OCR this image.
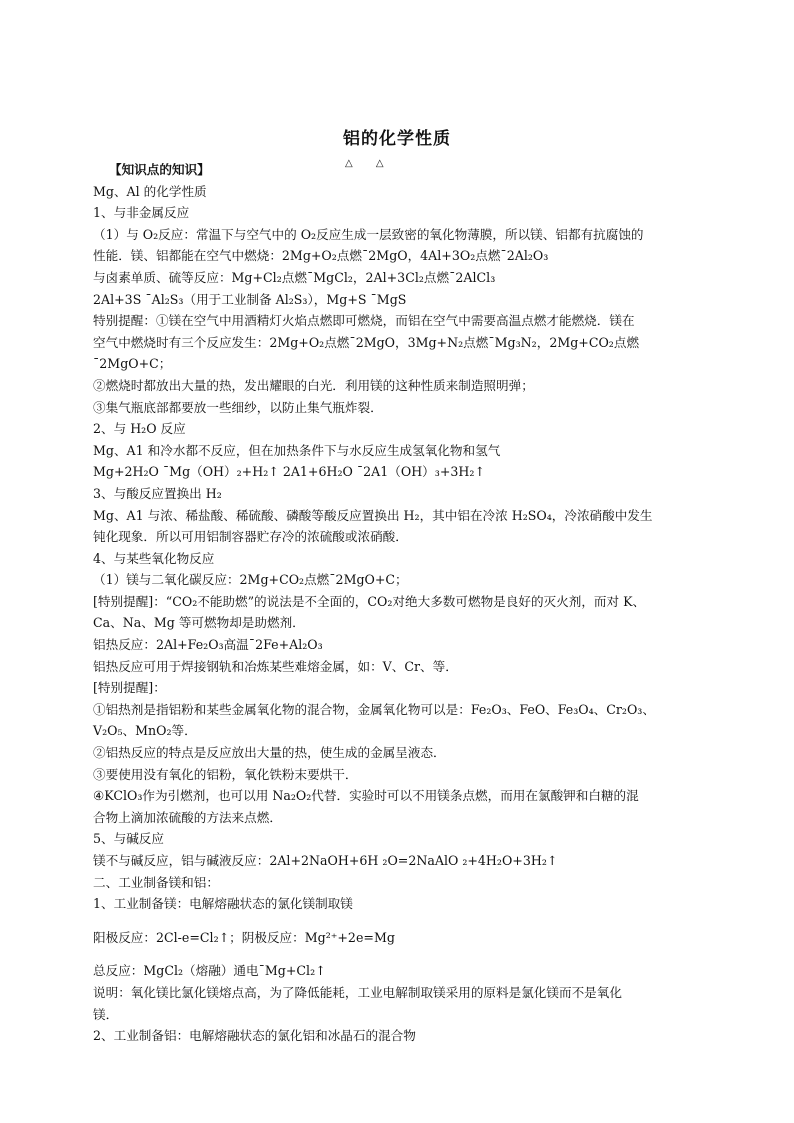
铝的化学性质
△ △
【知识点的知识】
Mg、Al 的化学性质
1、与非金属反应
（1）与 O₂反应：常温下与空气中的 O₂反应生成一层致密的氧化物薄膜，所以镁、铝都有抗腐蚀的
性能．镁、铝都能在空气中燃烧：2Mg+O₂点燃¯2MgO，4Al+3O₂点燃¯2Al₂O₃
与卤素单质、硫等反应：Mg+Cl₂点燃¯MgCl₂，2Al+3Cl₂点燃¯2AlCl₃
2Al+3S ¯Al₂S₃（用于工业制备 Al₂S₃），Mg+S ¯MgS
特别提醒：①镁在空气中用酒精灯火焰点燃即可燃烧，而铝在空气中需要高温点燃才能燃烧．镁在
空气中燃烧时有三个反应发生：2Mg+O₂点燃¯2MgO，3Mg+N₂点燃¯Mg₃N₂，2Mg+CO₂点燃
¯2MgO+C；
②燃烧时都放出大量的热，发出耀眼的白光．利用镁的这种性质来制造照明弹；
③集气瓶底部都要放一些细纱，以防止集气瓶炸裂．
2、与 H₂O 反应
Mg、A1 和冷水都不反应，但在加热条件下与水反应生成氢氧化物和氢气
Mg+2H₂O ¯Mg（OH）₂+H₂↑ 2A1+6H₂O ¯2A1（OH）₃+3H₂↑
3、与酸反应置换出 H₂
Mg、A1 与浓、稀盐酸、稀硫酸、磷酸等酸反应置换出 H₂，其中铝在冷浓 H₂SO₄，冷浓硝酸中发生
钝化现象．所以可用铝制容器贮存冷的浓硫酸或浓硝酸．
4、与某些氧化物反应
（1）镁与二氧化碳反应：2Mg+CO₂点燃¯2MgO+C；
[特别提醒]：“CO₂不能助燃”的说法是不全面的，CO₂对绝大多数可燃物是良好的灭火剂，而对 K、
Ca、Na、Mg 等可燃物却是助燃剂．
铝热反应：2Al+Fe₂O₃高温¯2Fe+Al₂O₃
铝热反应可用于焊接钢轨和冶炼某些难熔金属，如：V、Cr、等．
[特别提醒]：
①铝热剂是指铝粉和某些金属氧化物的混合物，金属氧化物可以是：Fe₂O₃、FeO、Fe₃O₄、Cr₂O₃、
V₂O₅、MnO₂等．
②铝热反应的特点是反应放出大量的热，使生成的金属呈液态．
③要使用没有氧化的铝粉，氧化铁粉末要烘干．
④KClO₃作为引燃剂，也可以用 Na₂O₂代替．实验时可以不用镁条点燃，而用在氯酸钾和白糖的混
合物上滴加浓硫酸的方法来点燃．
5、与碱反应
镁不与碱反应，铝与碱液反应：2Al+2NaOH+6H ₂O=2NaAlO ₂+4H₂O+3H₂↑
二、工业制备镁和铝：
1、工业制备镁：电解熔融状态的氯化镁制取镁
阳极反应：2Cl-e=Cl₂↑；阴极反应：Mg²⁺+2e=Mg
总反应：MgCl₂（熔融）通电¯Mg+Cl₂↑
说明：氧化镁比氯化镁熔点高，为了降低能耗，工业电解制取镁采用的原料是氯化镁而不是氧化
镁．
2、工业制备铝：电解熔融状态的氯化铝和冰晶石的混合物
